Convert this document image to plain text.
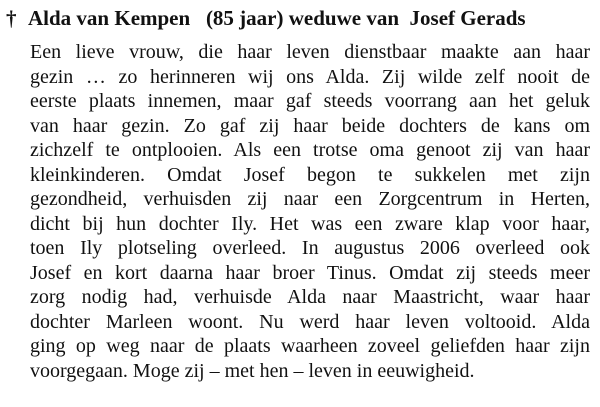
† Alda van Kempen (85 jaar) weduwe van Josef Gerads
Een lieve vrouw, die haar leven dienstbaar maakte aan haar
gezin … zo herinneren wij ons Alda. Zij wilde zelf nooit de
eerste plaats innemen, maar gaf steeds voorrang aan het geluk
van haar gezin. Zo gaf zij haar beide dochters de kans om
zichzelf te ontplooien. Als een trotse oma genoot zij van haar
kleinkinderen. Omdat Josef begon te sukkelen met zijn
gezondheid, verhuisden zij naar een Zorgcentrum in Herten,
dicht bij hun dochter Ily. Het was een zware klap voor haar,
toen Ily plotseling overleed. In augustus 2006 overleed ook
Josef en kort daarna haar broer Tinus. Omdat zij steeds meer
zorg nodig had, verhuisde Alda naar Maastricht, waar haar
dochter Marleen woont. Nu werd haar leven voltooid. Alda
ging op weg naar de plaats waarheen zoveel geliefden haar zijn
voorgegaan. Moge zij – met hen – leven in eeuwigheid.
